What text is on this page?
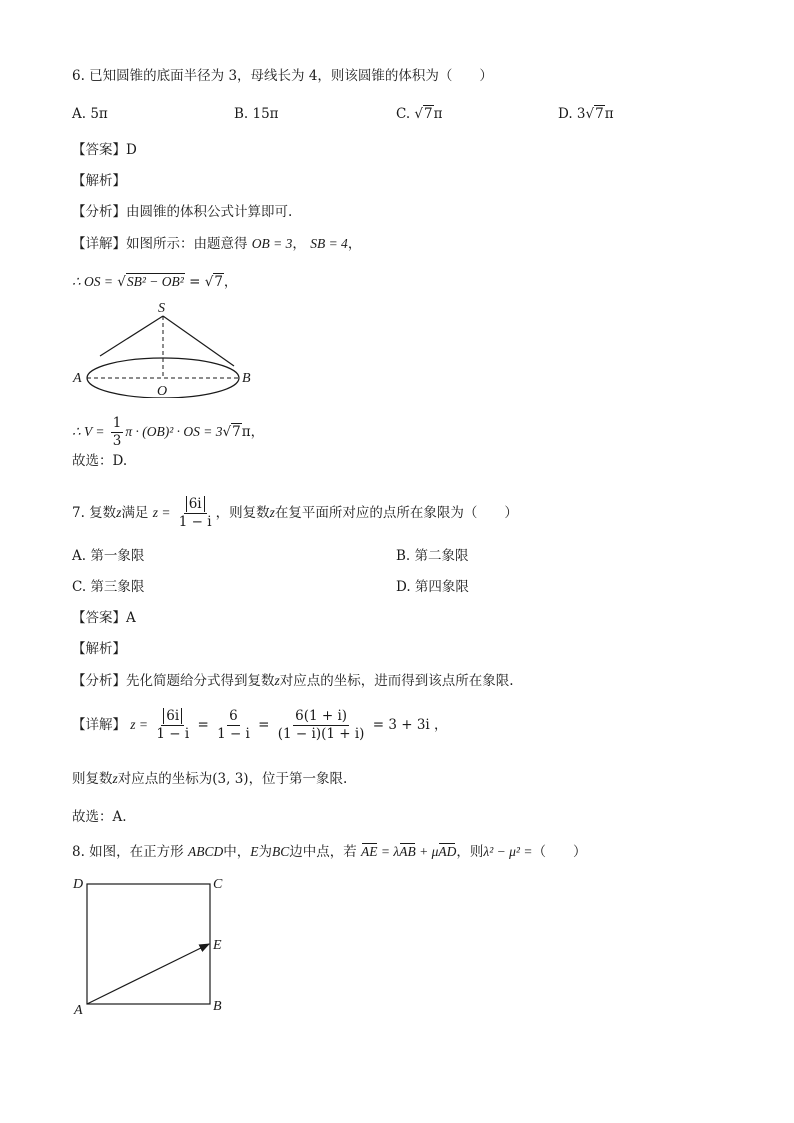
6. 已知圆锥的底面半径为 3，母线长为 4，则该圆锥的体积为（　　）
A. 5π	B. 15π	C. √7π	D. 3√7π
【答案】D
【解析】
【分析】由圆锥的体积公式计算即可.
【详解】如图所示：由题意得 OB = 3， SB = 4，
∴ OS = √SB² − OB² = √7，
S
A
O
B
∴ $V = \frac{1}{3}$ π · (OB)² · OS = 3√7π，
故选：D.
7. 复数z满足 $z = \frac{6i}{1 - i}$ ，则复数z在复平面所对应的点所在象限为（　　）
A. 第一象限	B. 第二象限
C. 第三象限	D. 第四象限
【答案】A
【解析】
【分析】先化简题给分式得到复数z对应点的坐标，进而得到该点所在象限.
【详解】 $z = \frac{6i}{1 - i} = \frac{6}{1 - i} = \frac{6(1 + i)}{(1 - i)(1 + i)} = 3 + 3i$ ，
则复数z对应点的坐标为(3, 3)，位于第一象限.
故选：A.
8. 如图，在正方形 ABCD中，E为BC边中点，若 AE = λAB + μAD，则λ² − μ² =（　　）
D	C
E
A	B
